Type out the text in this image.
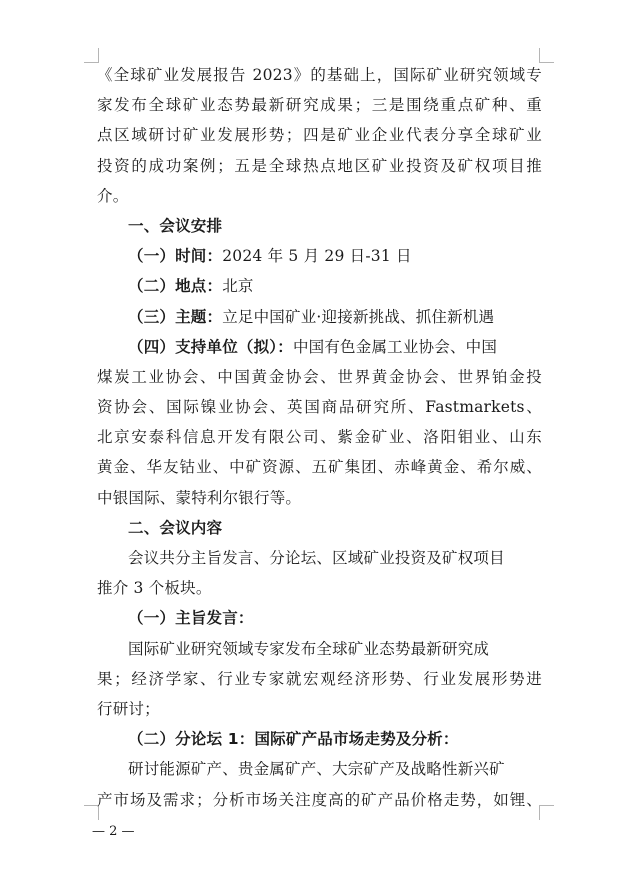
《全球矿业发展报告 2023》的基础上，国际矿业研究领域专
家发布全球矿业态势最新研究成果；三是围绕重点矿种、重
点区域研讨矿业发展形势；四是矿业企业代表分享全球矿业
投资的成功案例；五是全球热点地区矿业投资及矿权项目推
介。
一、会议安排
（一）时间：2024 年 5 月 29 日-31 日
（二）地点：北京
（三）主题：立足中国矿业·迎接新挑战、抓住新机遇
（四）支持单位（拟）：中国有色金属工业协会、中国
煤炭工业协会、中国黄金协会、世界黄金协会、世界铂金投
资协会、国际镍业协会、英国商品研究所、Fastmarkets、
北京安泰科信息开发有限公司、紫金矿业、洛阳钼业、山东
黄金、华友钴业、中矿资源、五矿集团、赤峰黄金、希尔威、
中银国际、蒙特利尔银行等。
二、会议内容
会议共分主旨发言、分论坛、区域矿业投资及矿权项目
推介 3 个板块。
（一）主旨发言：
国际矿业研究领域专家发布全球矿业态势最新研究成
果；经济学家、行业专家就宏观经济形势、行业发展形势进
行研讨；
（二）分论坛 1：国际矿产品市场走势及分析：
研讨能源矿产、贵金属矿产、大宗矿产及战略性新兴矿
产市场及需求；分析市场关注度高的矿产品价格走势，如锂、
— 2 —
